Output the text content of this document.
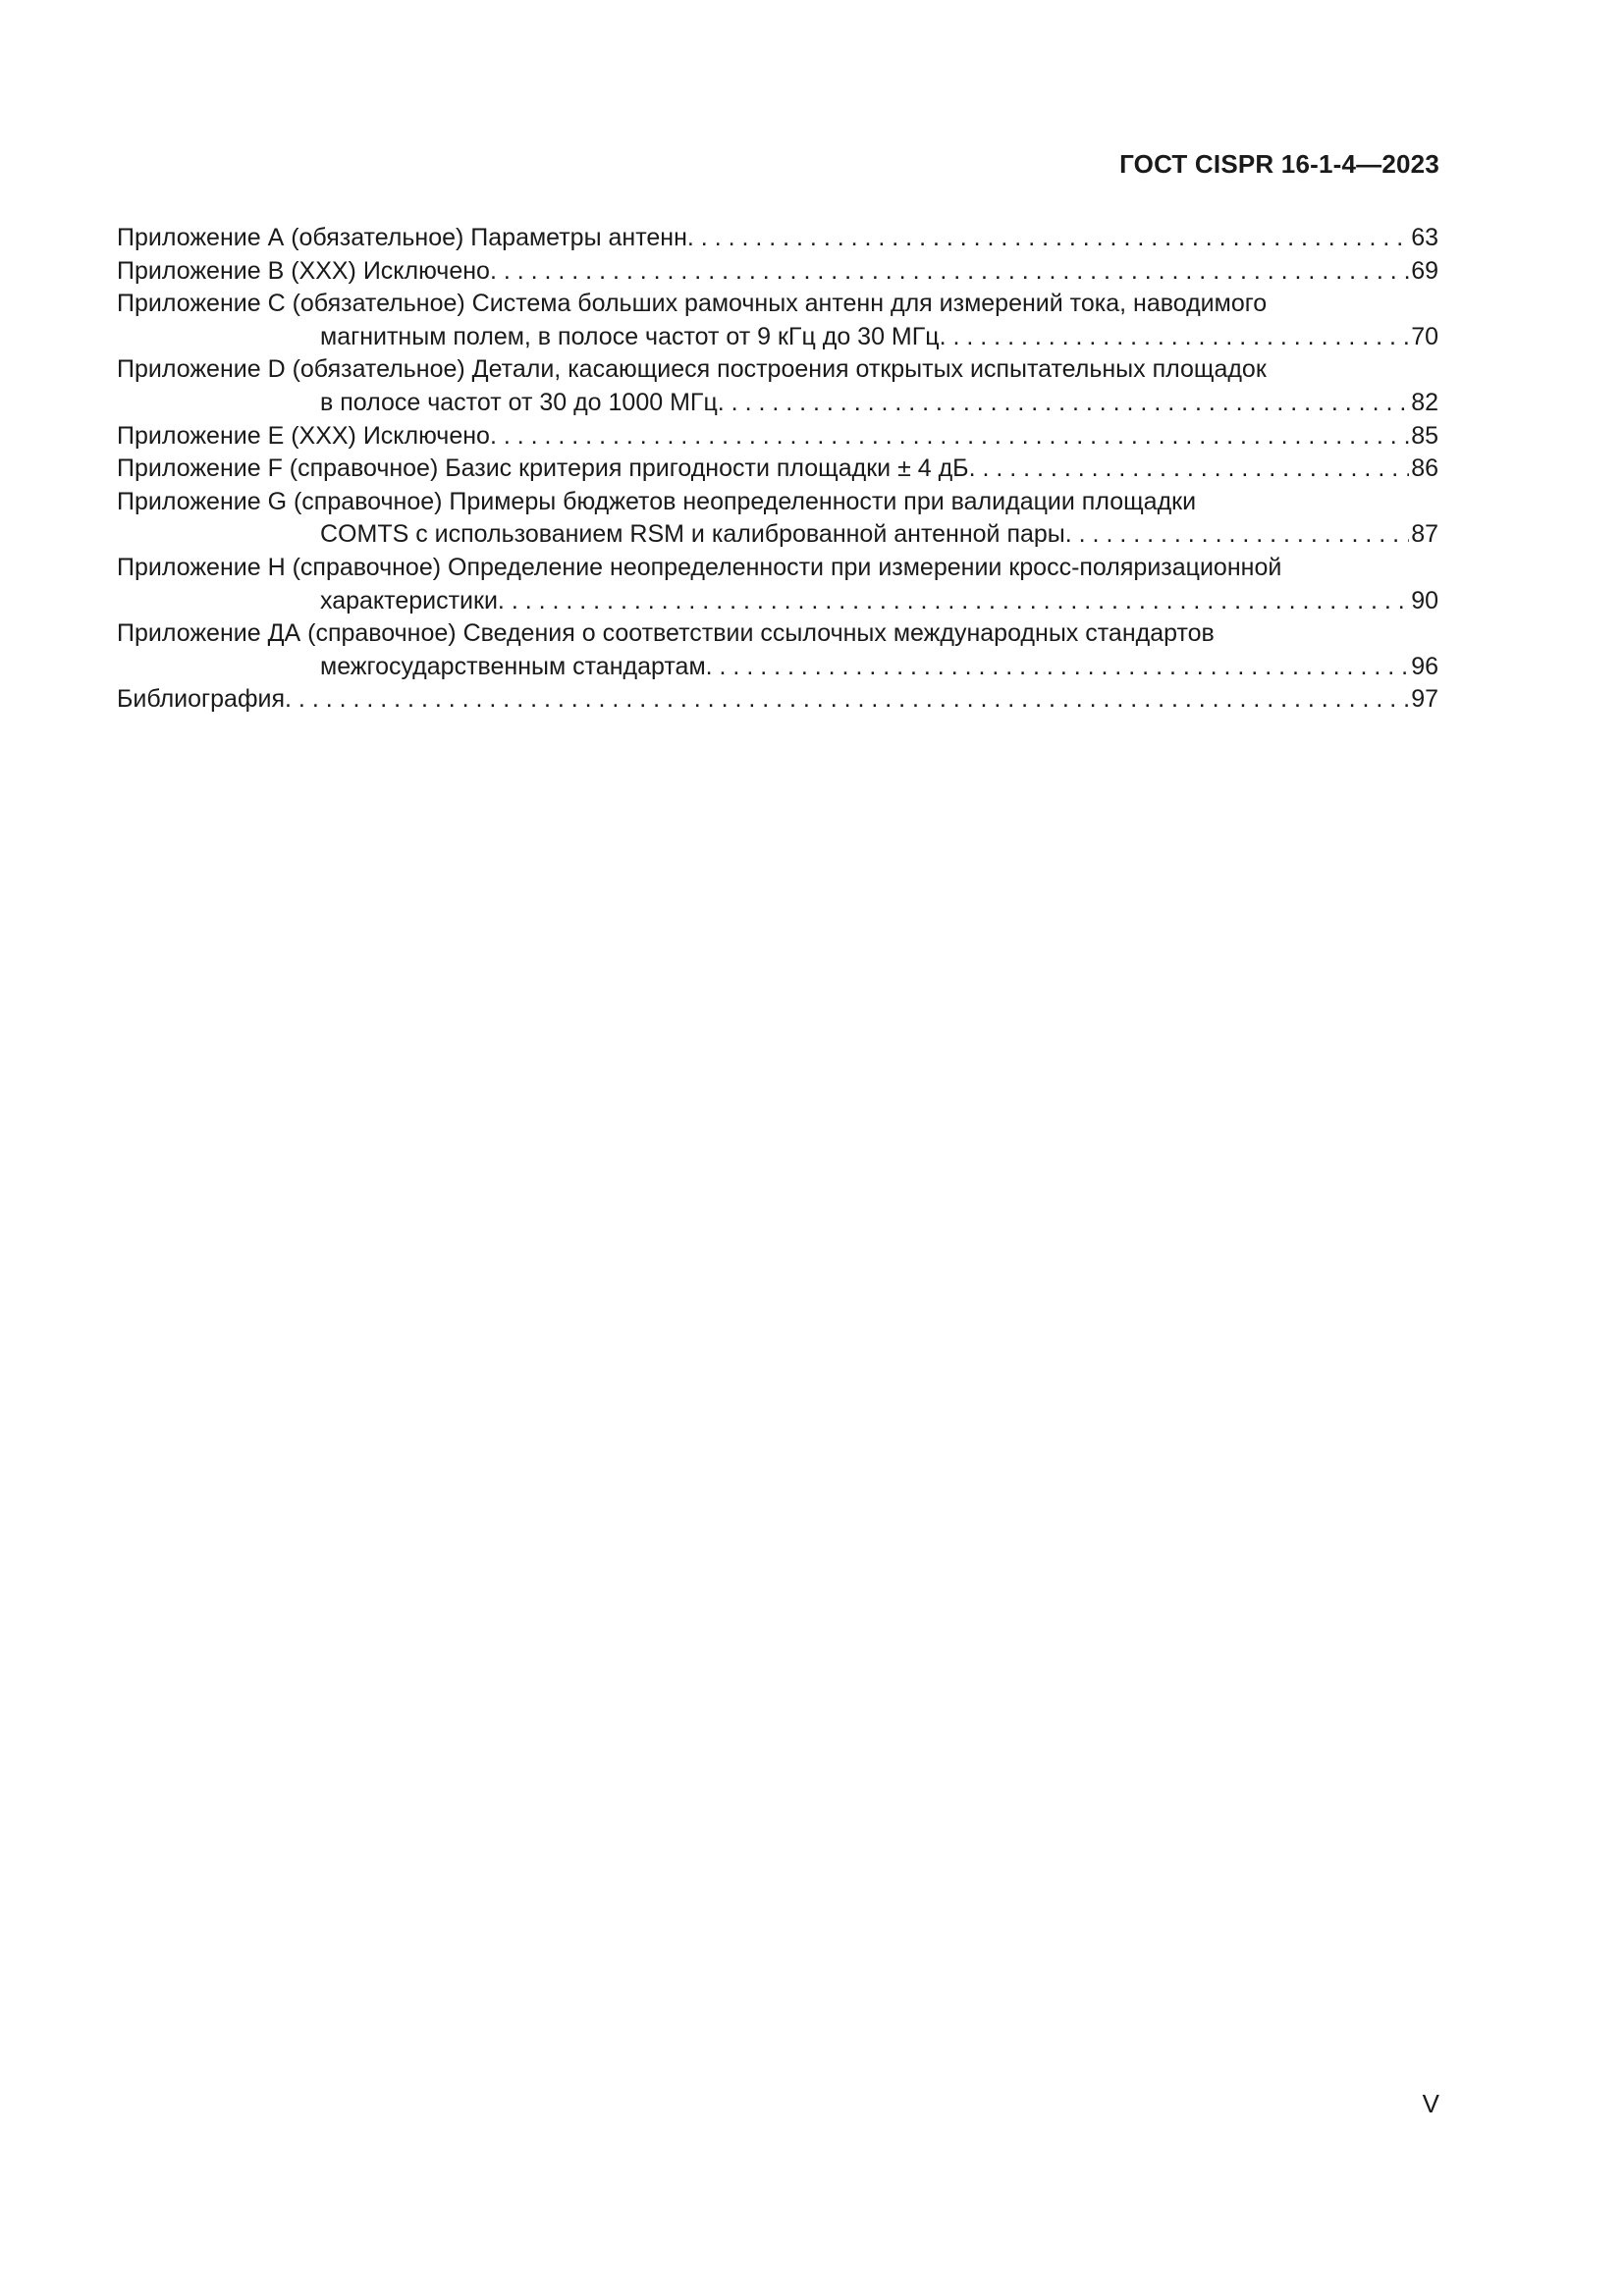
ГОСТ CISPR 16-1-4—2023
Приложение А (обязательное) Параметры антенн . . .	63
Приложение B (XXX) Исключено . . .	69
Приложение C (обязательное) Система больших рамочных антенн для измерений тока, наводимого
магнитным полем, в полосе частот от 9 кГц до 30 МГц . . .	70
Приложение D (обязательное) Детали, касающиеся построения открытых испытательных площадок
в полосе частот от 30 до 1000 МГц . . .	82
Приложение E (XXX) Исключено . . .	85
Приложение F (справочное) Базис критерия пригодности площадки ± 4 дБ . . .	86
Приложение G (справочное) Примеры бюджетов неопределенности при валидации площадки
COMTS с использованием RSM и калиброванной антенной пары . . .	87
Приложение H (справочное) Определение неопределенности при измерении кросс-поляризационной
характеристики . . .	90
Приложение ДА (справочное) Сведения о соответствии ссылочных международных стандартов
межгосударственным стандартам . . .	96
Библиография . . .	97
V
